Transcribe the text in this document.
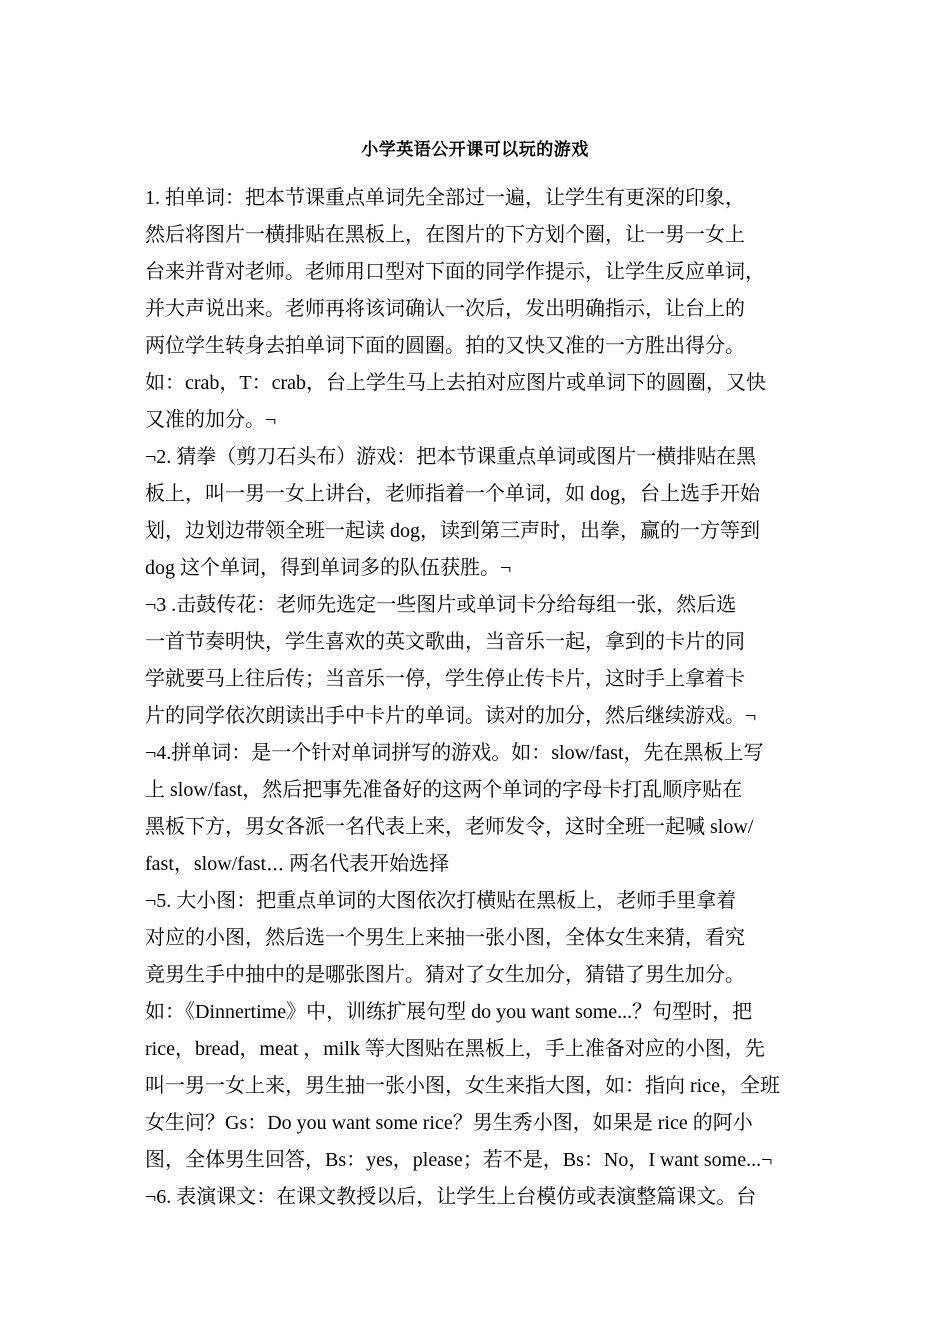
小学英语公开课可以玩的游戏
1. 拍单词：把本节课重点单词先全部过一遍，让学生有更深的印象，
然后将图片一横排贴在黑板上，在图片的下方划个圈，让一男一女上
台来并背对老师。老师用口型对下面的同学作提示，让学生反应单词，
并大声说出来。老师再将该词确认一次后，发出明确指示，让台上的
两位学生转身去拍单词下面的圆圈。拍的又快又准的一方胜出得分。
如：crab，T：crab，台上学生马上去拍对应图片或单词下的圆圈，又快
又准的加分。¬
¬2. 猜拳（剪刀石头布）游戏：把本节课重点单词或图片一横排贴在黑
板上，叫一男一女上讲台，老师指着一个单词，如 dog，台上选手开始
划，边划边带领全班一起读 dog，读到第三声时，出拳，赢的一方等到
dog 这个单词，得到单词多的队伍获胜。¬
¬3 .击鼓传花：老师先选定一些图片或单词卡分给每组一张，然后选
一首节奏明快，学生喜欢的英文歌曲，当音乐一起，拿到的卡片的同
学就要马上往后传；当音乐一停，学生停止传卡片，这时手上拿着卡
片的同学依次朗读出手中卡片的单词。读对的加分，然后继续游戏。¬
¬4.拼单词：是一个针对单词拼写的游戏。如：slow/fast，先在黑板上写
上 slow/fast，然后把事先准备好的这两个单词的字母卡打乱顺序贴在
黑板下方，男女各派一名代表上来，老师发令，这时全班一起喊 slow/
fast，slow/fast⋯ 两名代表开始选择
¬5. 大小图：把重点单词的大图依次打横贴在黑板上，老师手里拿着
对应的小图，然后选一个男生上来抽一张小图，全体女生来猜，看究
竟男生手中抽中的是哪张图片。猜对了女生加分，猜错了男生加分。
如：《Dinnertime》中，训练扩展句型 do you want some...？句型时，把
rice，bread，meat ，milk 等大图贴在黑板上，手上准备对应的小图，先
叫一男一女上来，男生抽一张小图，女生来指大图，如：指向 rice，全班
女生问？Gs：Do you want some rice？男生秀小图，如果是 rice 的阿小
图，全体男生回答，Bs：yes，please；若不是，Bs：No，I want some...¬
¬6. 表演课文：在课文教授以后，让学生上台模仿或表演整篇课文。台
